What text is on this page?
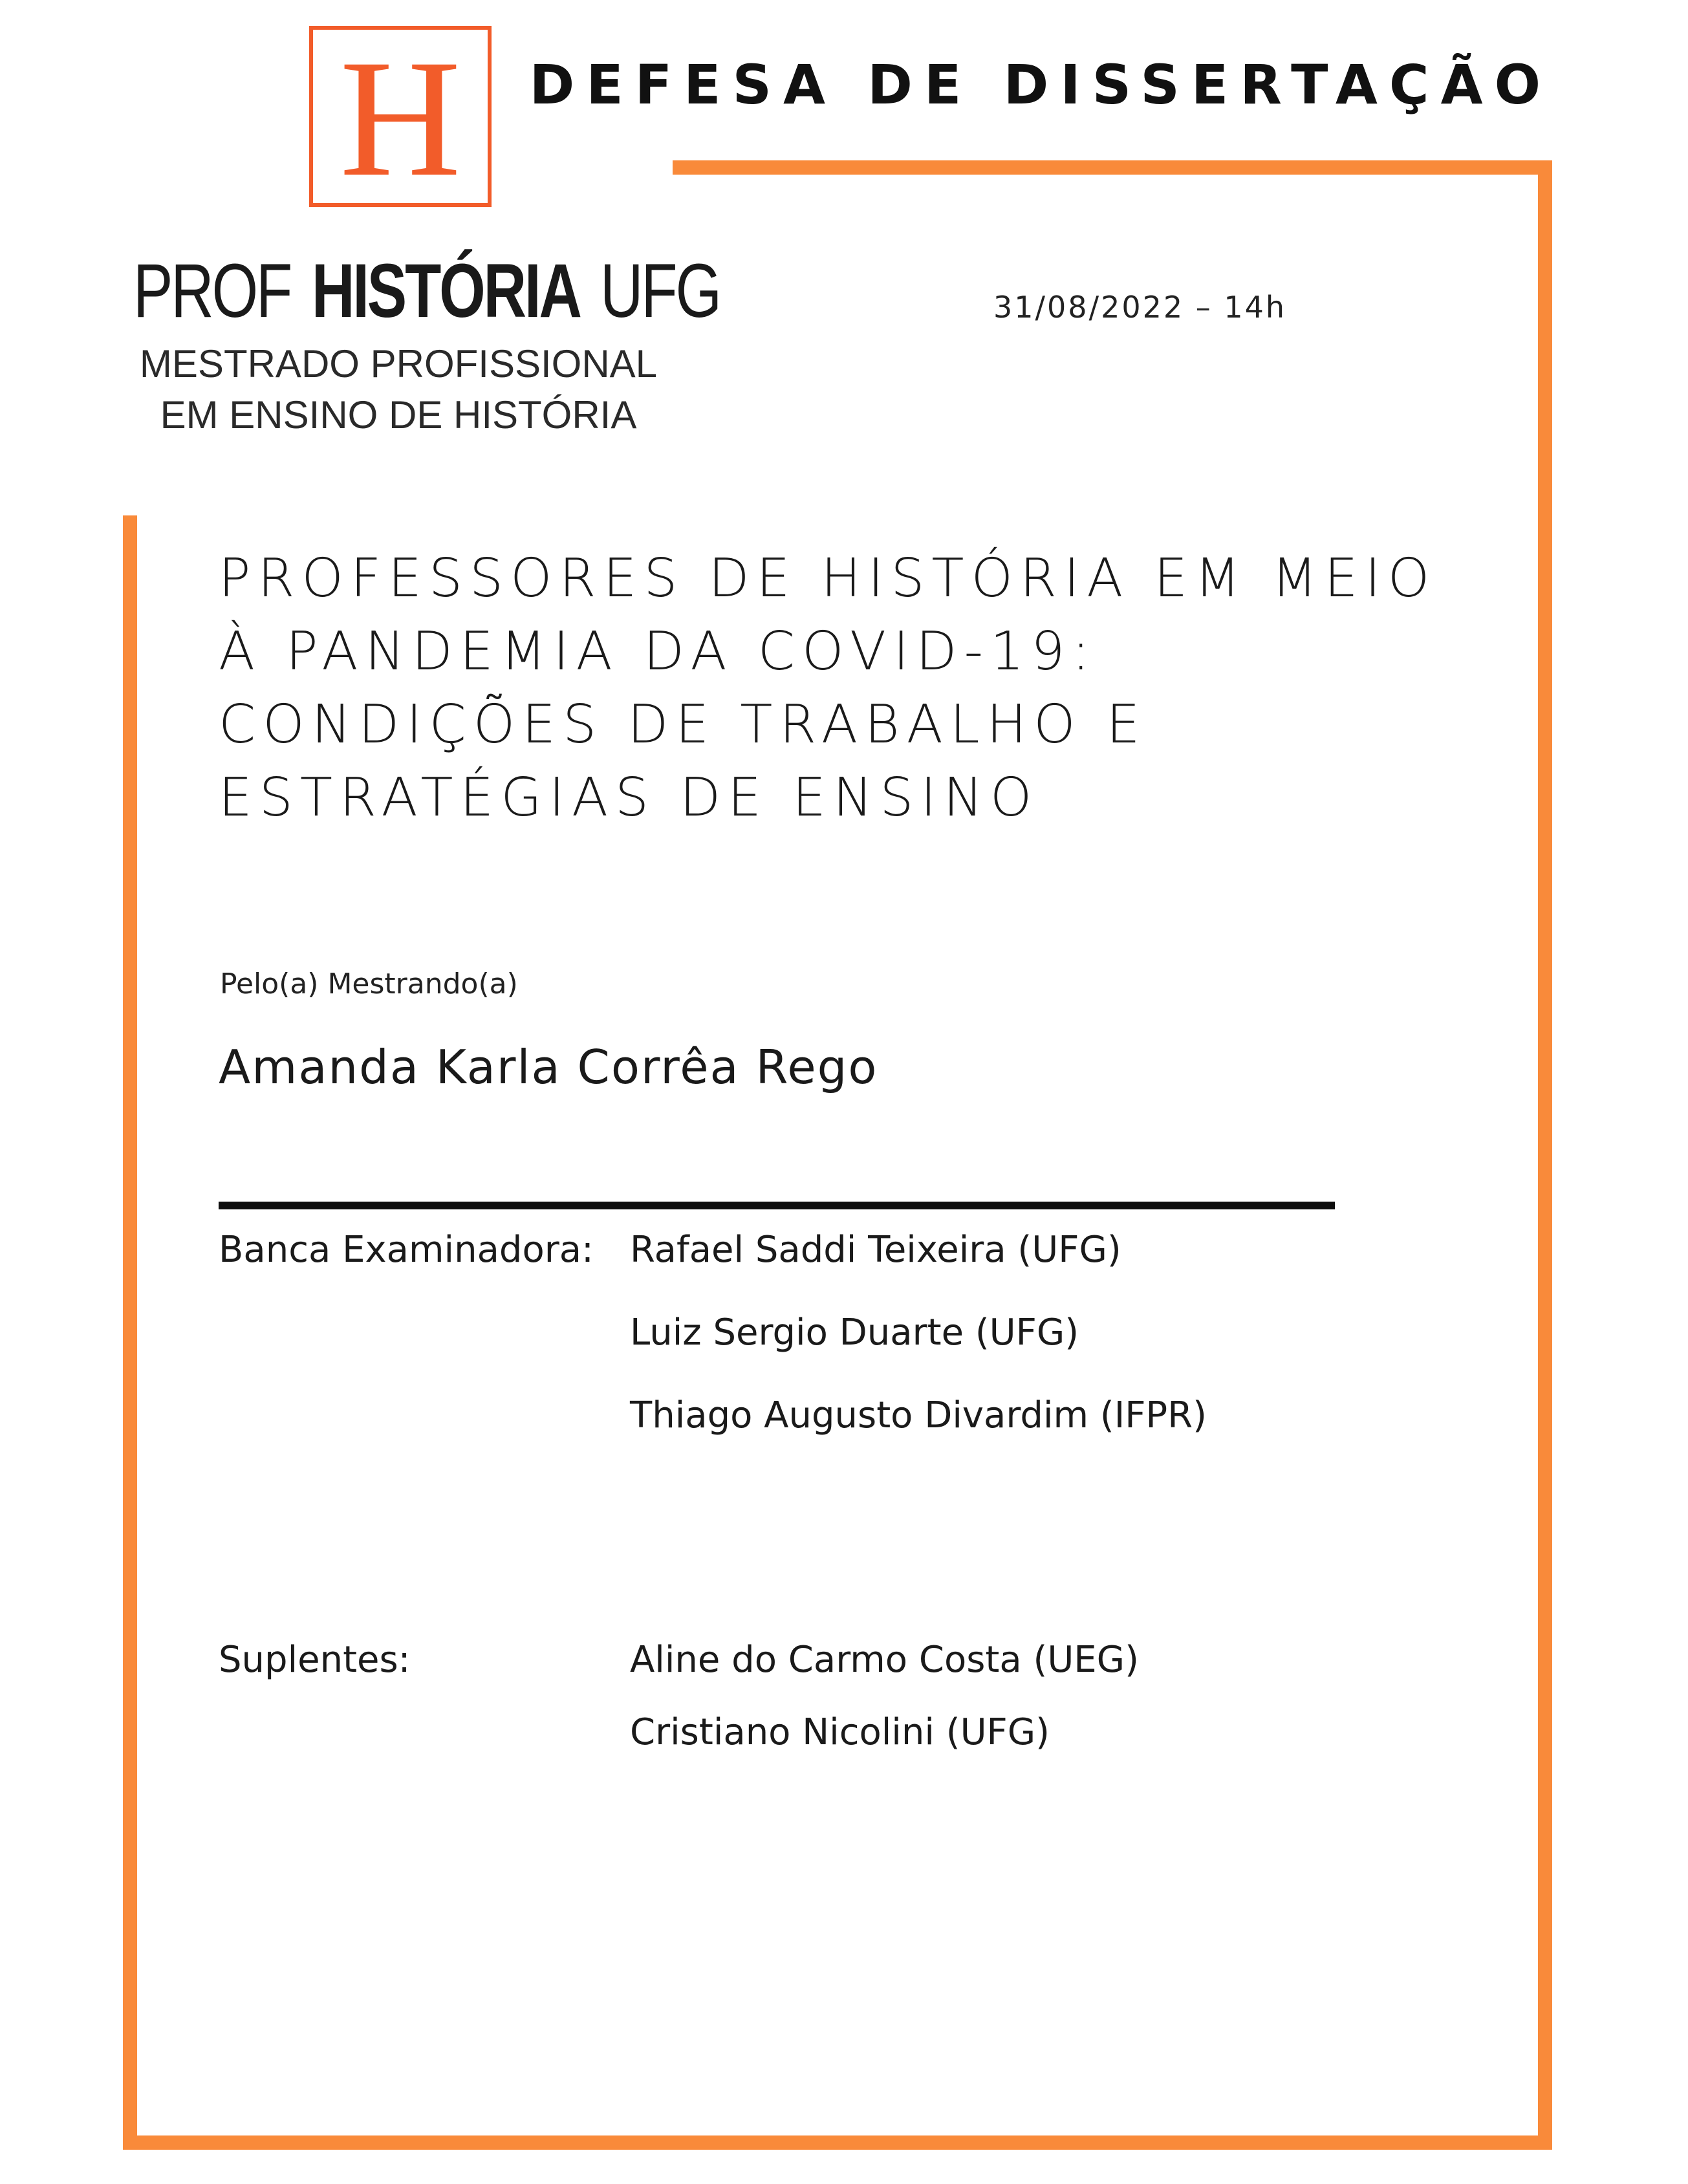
H
PROF HISTÓRIA UFG
MESTRADO PROFISSIONAL
EM ENSINO DE HISTÓRIA
DEFESA DE DISSERTAÇÃO
31/08/2022 – 14h
PROFESSORES DE HISTÓRIA EM MEIO
À PANDEMIA DA COVID-19:
CONDIÇÕES DE TRABALHO E
ESTRATÉGIAS DE ENSINO
Pelo(a) Mestrando(a)
Amanda Karla Corrêa Rego
Banca Examinadora: Rafael Saddi Teixeira (UFG)
Luiz Sergio Duarte (UFG)
Thiago Augusto Divardim (IFPR)
Suplentes:	Aline do Carmo Costa (UEG)
Cristiano Nicolini (UFG)
